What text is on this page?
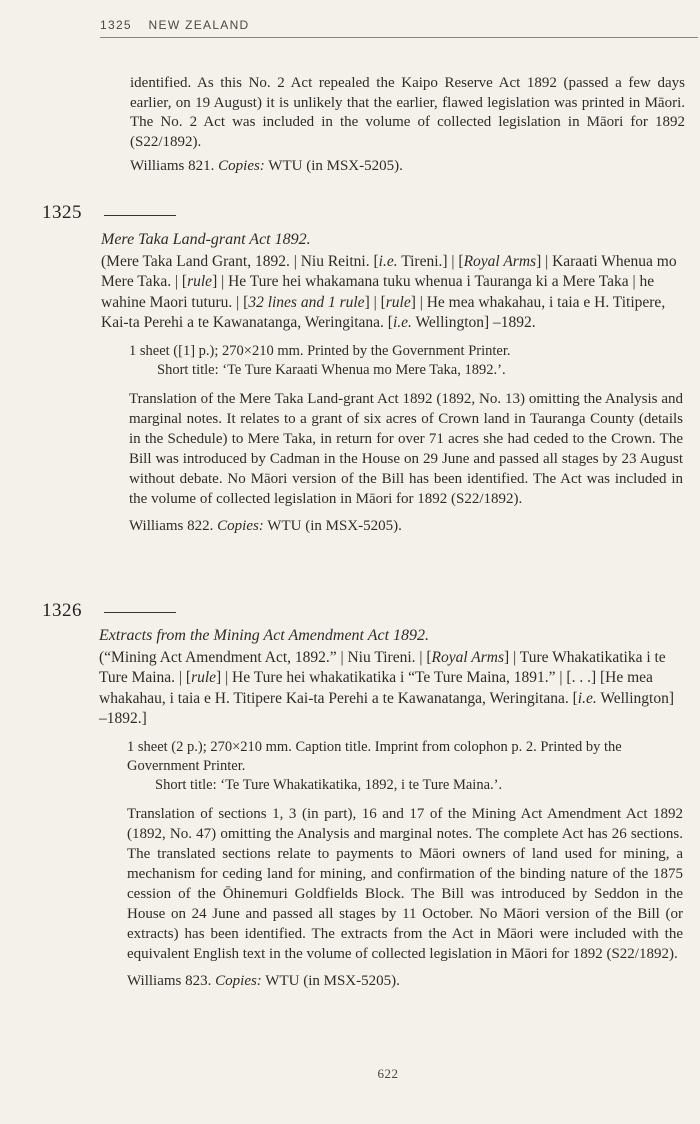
1325 NEW ZEALAND

identified. As this No. 2 Act repealed the Kaipo Reserve Act 1892 (passed a few days earlier, on 19 August) it is unlikely that the earlier, flawed legislation was printed in Māori. The No. 2 Act was included in the volume of collected legislation in Māori for 1892 (S22/1892).

Williams 821. Copies: WTU (in MSX-5205).

1325

Mere Taka Land-grant Act 1892.

(Mere Taka Land Grant, 1892. | Niu Reitni. [i.e. Tireni.] | [Royal Arms] | Karaati Whenua mo Mere Taka. | [rule] | He Ture hei whakamana tuku whenua i Tauranga ki a Mere Taka | he wahine Maori tuturu. | [32 lines and 1 rule] | [rule] | He mea whakahau, i taia e H. Titipere, Kai-ta Perehi a te Kawanatanga, Weringitana. [i.e. Wellington] –1892.

1 sheet ([1] p.); 270×210 mm. Printed by the Government Printer.

Short title: ‘Te Ture Karaati Whenua mo Mere Taka, 1892.’.

Translation of the Mere Taka Land-grant Act 1892 (1892, No. 13) omitting the Analysis and marginal notes. It relates to a grant of six acres of Crown land in Tauranga County (details in the Schedule) to Mere Taka, in return for over 71 acres she had ceded to the Crown. The Bill was introduced by Cadman in the House on 29 June and passed all stages by 23 August without debate. No Māori version of the Bill has been identified. The Act was included in the volume of collected legislation in Māori for 1892 (S22/1892).

Williams 822. Copies: WTU (in MSX-5205).

1326

Extracts from the Mining Act Amendment Act 1892.

(“Mining Act Amendment Act, 1892.” | Niu Tireni. | [Royal Arms] | Ture Whakatikatika i te Ture Maina. | [rule] | He Ture hei whakatikatika i “Te Ture Maina, 1891.” | [. . .] [He mea whakahau, i taia e H. Titipere Kai-ta Perehi a te Kawanatanga, Weringitana. [i.e. Wellington] –1892.]

1 sheet (2 p.); 270×210 mm. Caption title. Imprint from colophon p. 2. Printed by the Government Printer.

Short title: ‘Te Ture Whakatikatika, 1892, i te Ture Maina.’.

Translation of sections 1, 3 (in part), 16 and 17 of the Mining Act Amendment Act 1892 (1892, No. 47) omitting the Analysis and marginal notes. The complete Act has 26 sections. The translated sections relate to payments to Māori owners of land used for mining, a mechanism for ceding land for mining, and confirmation of the binding nature of the 1875 cession of the Ōhinemuri Goldfields Block. The Bill was introduced by Seddon in the House on 24 June and passed all stages by 11 October. No Māori version of the Bill (or extracts) has been identified. The extracts from the Act in Māori were included with the equivalent English text in the volume of collected legislation in Māori for 1892 (S22/1892).

Williams 823. Copies: WTU (in MSX-5205).

622
